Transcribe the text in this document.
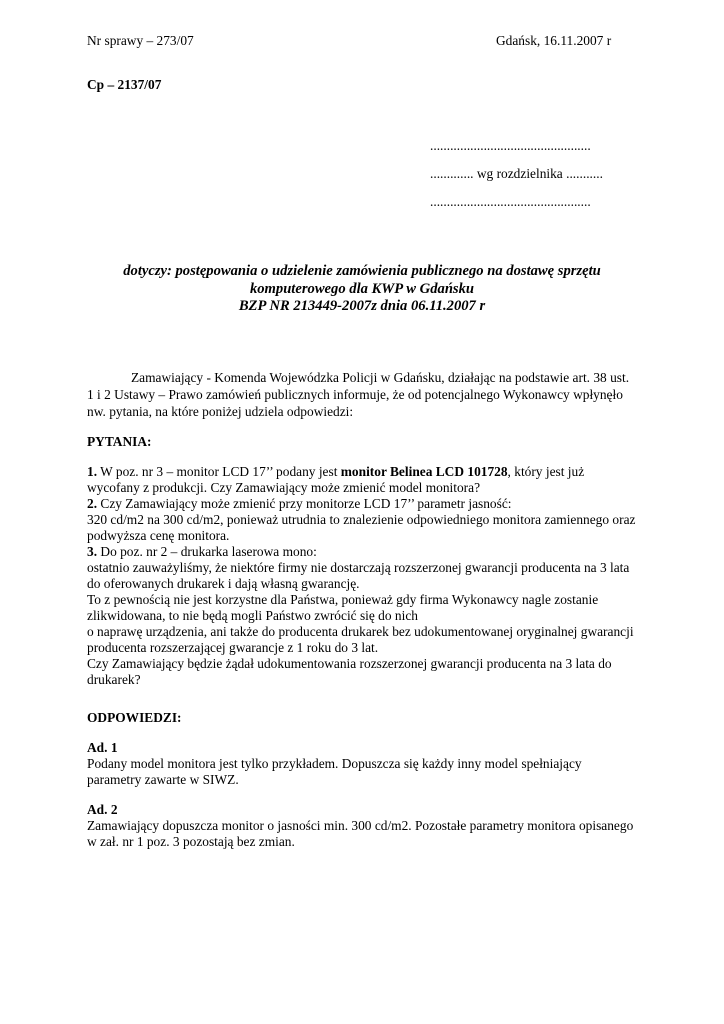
Nr sprawy – 273/07	Gdańsk, 16.11.2007 r
Cp – 2137/07
................................................
............. wg rozdzielnika ...........
................................................
dotyczy: postępowania o udzielenie zamówienia publicznego na dostawę sprzętu
komputerowego dla KWP w Gdańsku
BZP NR 213449-2007z dnia 06.11.2007 r
Zamawiający - Komenda Wojewódzka Policji w Gdańsku, działając na podstawie art. 38 ust.
1 i 2 Ustawy – Prawo zamówień publicznych informuje, że od potencjalnego Wykonawcy wpłynęło
nw. pytania, na które poniżej udziela odpowiedzi:
PYTANIA:
1. W poz. nr 3 – monitor LCD 17’’ podany jest monitor Belinea LCD 101728, który jest już
wycofany z produkcji. Czy Zamawiający może zmienić model monitora?
2. Czy Zamawiający może zmienić przy monitorze LCD 17’’ parametr jasność:
320 cd/m2 na 300 cd/m2, ponieważ utrudnia to znalezienie odpowiedniego monitora zamiennego oraz
podwyższa cenę monitora.
3. Do poz. nr 2 – drukarka laserowa mono:
ostatnio zauważyliśmy, że niektóre firmy nie dostarczają rozszerzonej gwarancji producenta na 3 lata
do oferowanych drukarek i dają własną gwarancję.
To z pewnością nie jest korzystne dla Państwa, ponieważ gdy firma Wykonawcy nagle zostanie
zlikwidowana, to nie będą mogli Państwo zwrócić się do nich
o naprawę urządzenia, ani także do producenta drukarek bez udokumentowanej oryginalnej gwarancji
producenta rozszerzającej gwarancje z 1 roku do 3 lat.
Czy Zamawiający będzie żądał udokumentowania rozszerzonej gwarancji producenta na 3 lata do
drukarek?
ODPOWIEDZI:
Ad. 1
Podany model monitora jest tylko przykładem. Dopuszcza się każdy inny model spełniający
parametry zawarte w SIWZ.
Ad. 2
Zamawiający dopuszcza monitor o jasności min. 300 cd/m2. Pozostałe parametry monitora opisanego
w zał. nr 1 poz. 3 pozostają bez zmian.
